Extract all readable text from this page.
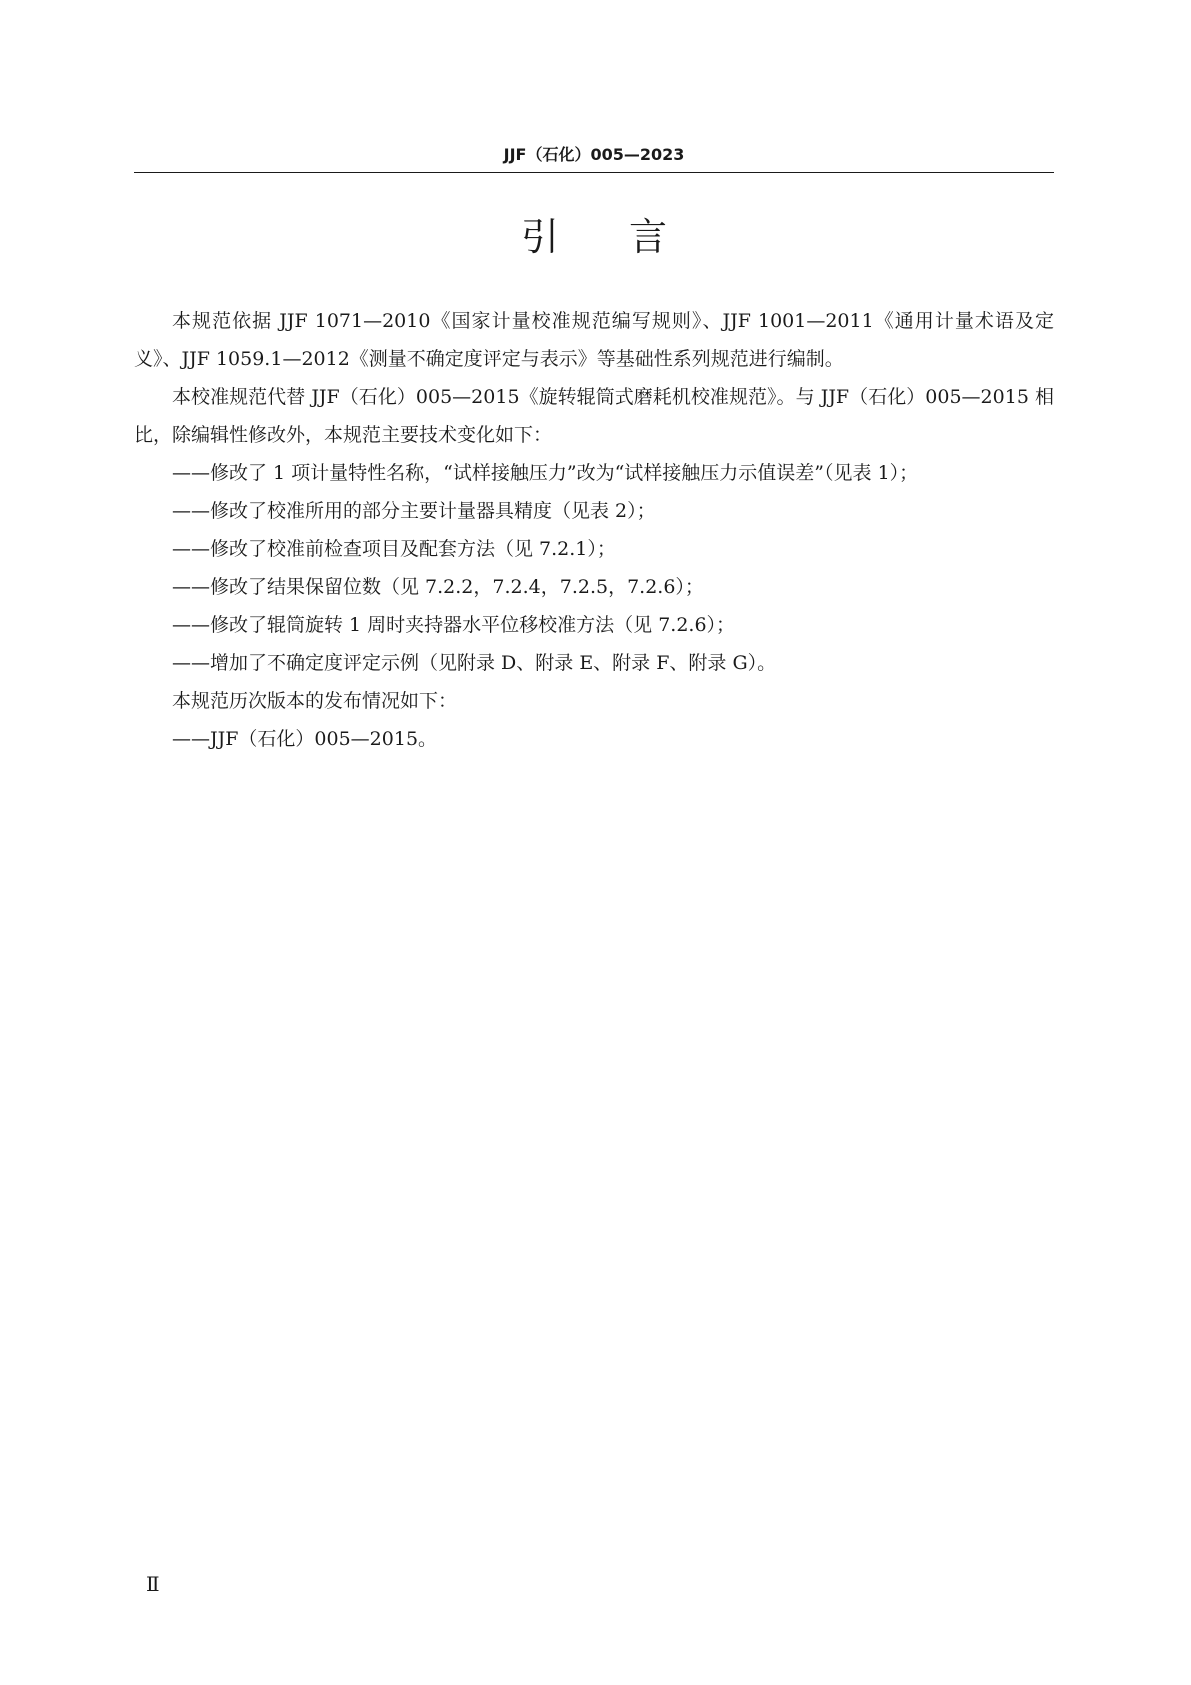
JJF（石化）005—2023
引言

本规范依据 JJF 1071—2010《国家计量校准规范编写规则》、JJF 1001—2011《通用计量术语及定义》、JJF 1059.1—2012《测量不确定度评定与表示》等基础性系列规范进行编制。

本校准规范代替 JJF（石化）005—2015《旋转辊筒式磨耗机校准规范》。与 JJF（石化）005—2015 相比，除编辑性修改外，本规范主要技术变化如下：

——修改了 1 项计量特性名称，“试样接触压力”改为“试样接触压力示值误差”（见表 1）；

——修改了校准所用的部分主要计量器具精度（见表 2）；

——修改了校准前检查项目及配套方法（见 7.2.1）；

——修改了结果保留位数（见 7.2.2，7.2.4，7.2.5，7.2.6）；

——修改了辊筒旋转 1 周时夹持器水平位移校准方法（见 7.2.6）；

——增加了不确定度评定示例（见附录 D、附录 E、附录 F、附录 G）。

本规范历次版本的发布情况如下：

——JJF（石化）005—2015。

Ⅱ
